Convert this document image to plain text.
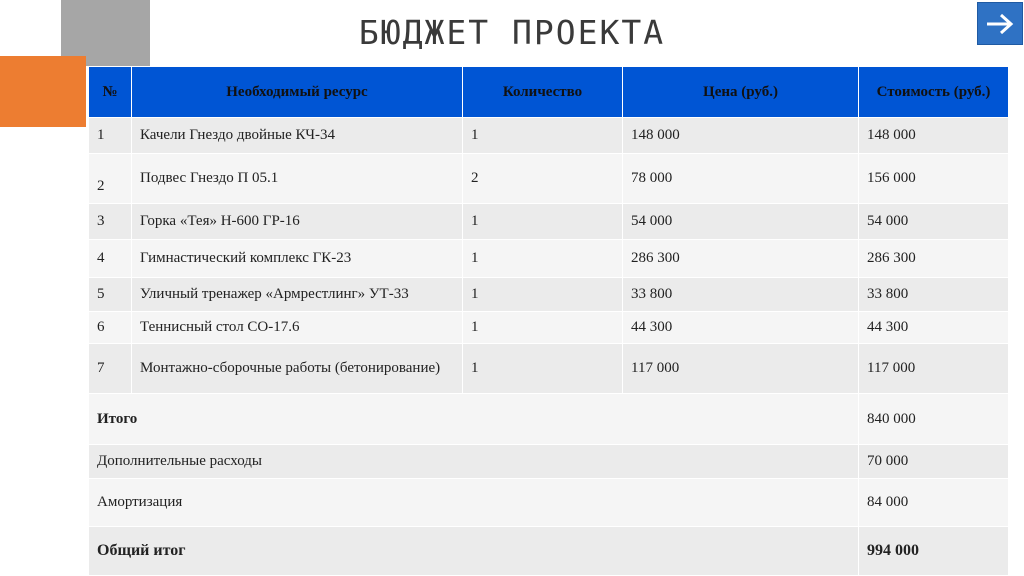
БЮДЖЕТ ПРОЕКТА
№	Необходимый ресурс	Количество	Цена (руб.)	Стоимость (руб.)
1	Качели Гнездо двойные КЧ-34	1	148 000	148 000
2	Подвес Гнездо П 05.1	2	78 000	156 000
3	Горка «Тея» Н-600 ГР-16	1	54 000	54 000
4	Гимнастический комплекс ГК-23	1	286 300	286 300
5	Уличный тренажер «Армрестлинг» УТ-33	1	33 800	33 800
6	Теннисный стол СО-17.6	1	44 300	44 300
7	Монтажно-сборочные работы (бетонирование)	1	117 000	117 000
Итого				840 000
Дополнительные расходы				70 000
Амортизация				84 000
Общий итог				994 000
